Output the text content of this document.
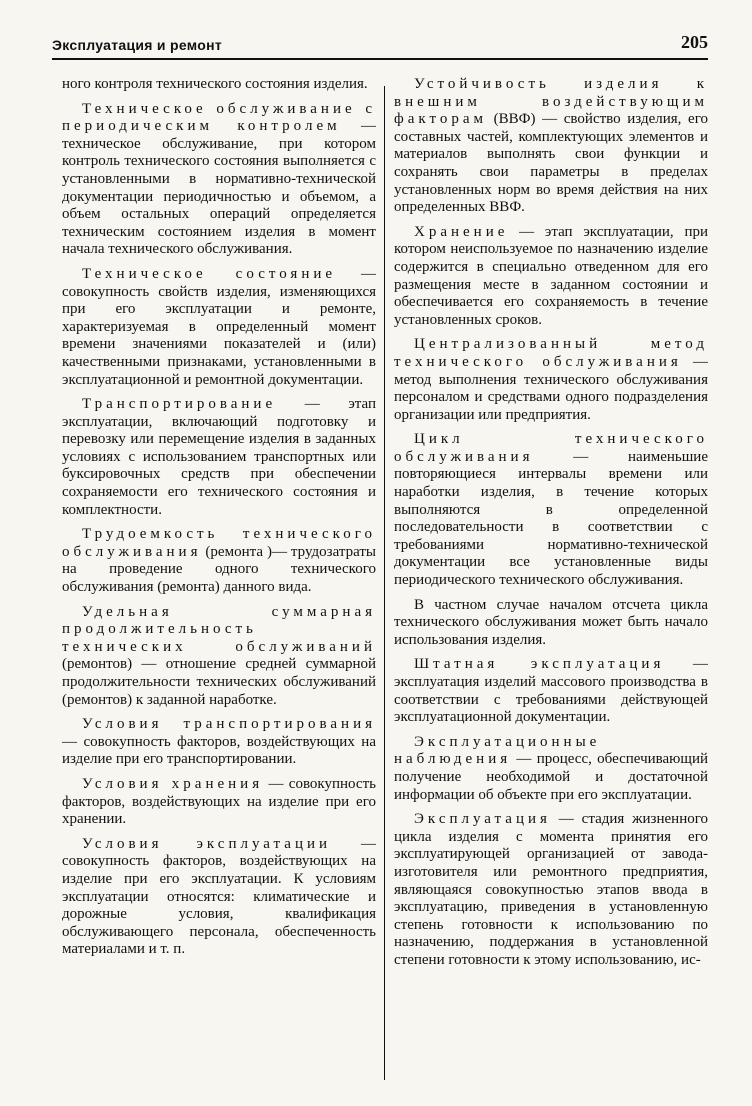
Эксплуатация и ремонт	205

ного контроля технического состояния изделия.

Техническое обслуживание с периодическим контролем — техническое обслуживание, при котором контроль технического состояния выполняется с установленными в нормативно-технической документации периодичностью и объемом, а объем остальных операций определяется техническим состоянием изделия в момент начала технического обслуживания.

Техническое состояние — совокупность свойств изделия, изменяющихся при его эксплуатации и ремонте, характеризуемая в определенный момент времени значениями показателей и (или) качественными признаками, установленными в эксплуатационной и ремонтной документации.

Транспортирование — этап эксплуатации, включающий подготовку и перевозку или перемещение изделия в заданных условиях с использованием транспортных или буксировочных средств при обеспечении сохраняемости его технического состояния и комплектности.

Трудоемкость технического обслуживания (ремонта )— трудозатраты на проведение одного технического обслуживания (ремонта) данного вида.

Удельная суммарная продолжительность технических обслуживаний (ремонтов) — отношение средней суммарной продолжительности технических обслуживаний (ремонтов) к заданной наработке.

Условия транспортирования — совокупность факторов, воздействующих на изделие при его транспортировании.

Условия хранения — совокупность факторов, воздействующих на изделие при его хранении.

Условия эксплуатации — совокупность факторов, воздействующих на изделие при его эксплуатации. К условиям эксплуатации относятся: климатические и дорожные условия, квалификация обслуживающего персонала, обеспеченность материалами и т. п.

Устойчивость изделия к внешним воздействующим факторам (ВВФ) — свойство изделия, его составных частей, комплектующих элементов и материалов выполнять свои функции и сохранять свои параметры в пределах установленных норм во время действия на них определенных ВВФ.

Хранение — этап эксплуатации, при котором неиспользуемое по назначению изделие содержится в специально отведенном для его размещения месте в заданном состоянии и обеспечивается его сохраняемость в течение установленных сроков.

Централизованный метод технического обслуживания — метод выполнения технического обслуживания персоналом и средствами одного подразделения организации или предприятия.

Цикл технического обслуживания — наименьшие повторяющиеся интервалы времени или наработки изделия, в течение которых выполняются в определенной последовательности в соответствии с требованиями нормативно-технической документации все установленные виды периодического технического обслуживания.

В частном случае началом отсчета цикла технического обслуживания может быть начало использования изделия.

Штатная эксплуатация — эксплуатация изделий массового производства в соответствии с требованиями действующей эксплуатационной документации.

Эксплуатационные наблюдения — процесс, обеспечивающий получение необходимой и достаточной информации об объекте при его эксплуатации.

Эксплуатация — стадия жизненного цикла изделия с момента принятия его эксплуатирующей организацией от завода-изготовителя или ремонтного предприятия, являющаяся совокупностью этапов ввода в эксплуатацию, приведения в установленную степень готовности к использованию по назначению, поддержания в установленной степени готовности к этому использованию, ис-
